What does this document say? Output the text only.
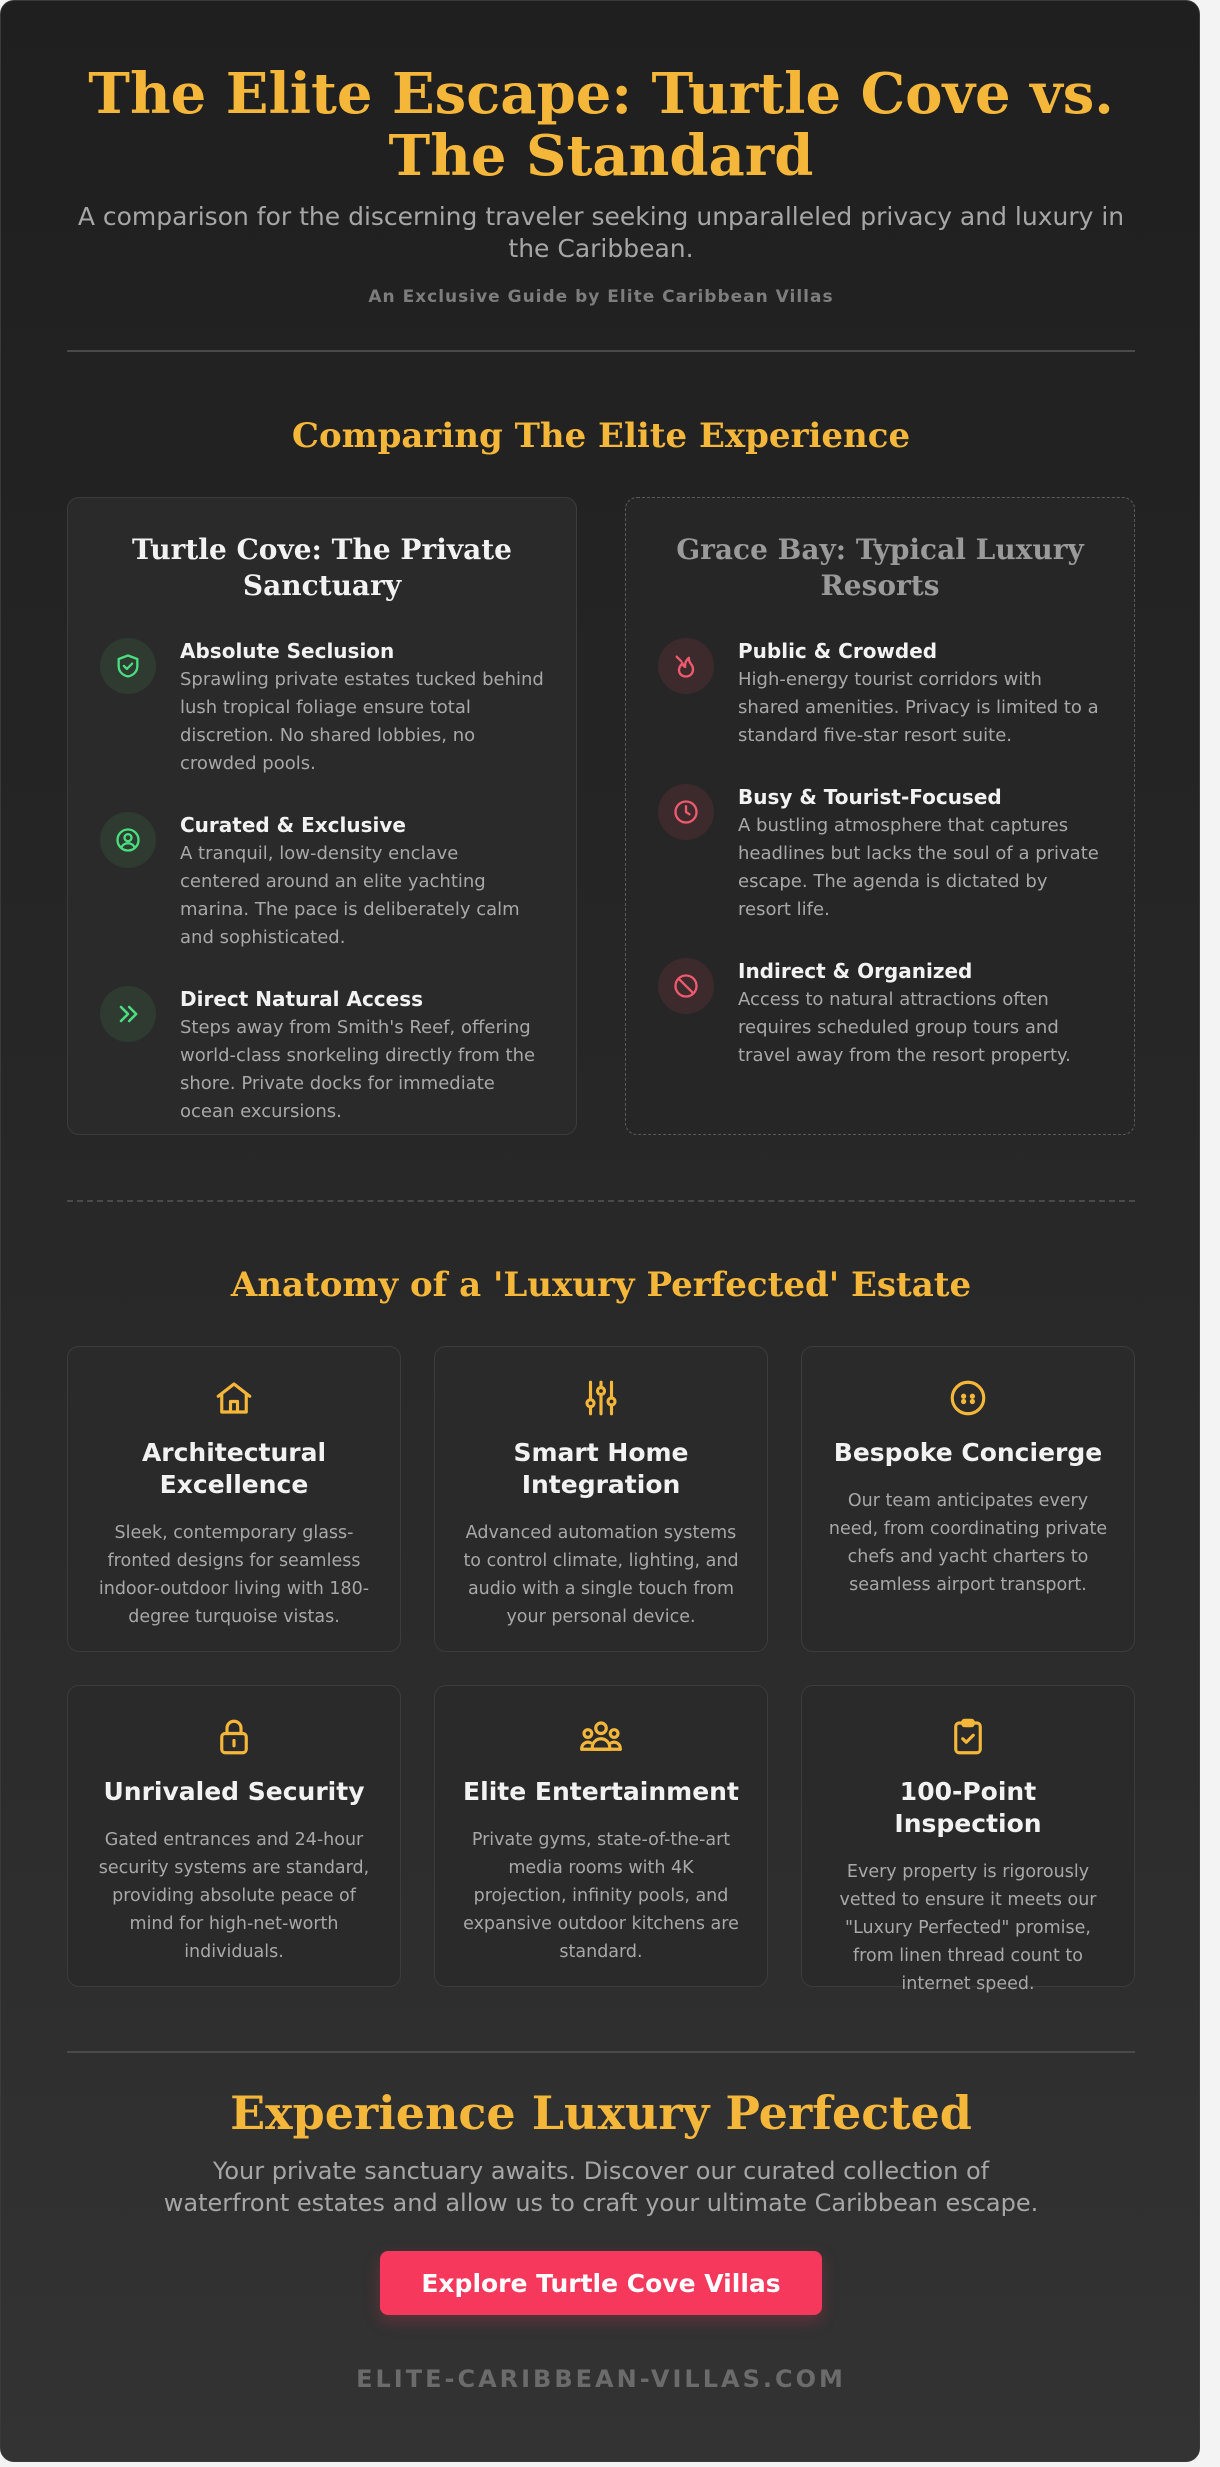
The Elite Escape: Turtle Cove vs. The Standard

A comparison for the discerning traveler seeking unparalleled privacy and luxury in the Caribbean.

An Exclusive Guide by Elite Caribbean Villas

Comparing The Elite Experience
Turtle Cove: The Private Sanctuary
Absolute Seclusion
Sprawling private estates tucked behind lush tropical foliage ensure total discretion. No shared lobbies, no crowded pools.
Curated & Exclusive
A tranquil, low-density enclave centered around an elite yachting marina. The pace is deliberately calm and sophisticated.
Direct Natural Access
Steps away from Smith's Reef, offering world-class snorkeling directly from the shore. Private docks for immediate ocean excursions.
Grace Bay: Typical Luxury Resorts
Public & Crowded
High-energy tourist corridors with shared amenities. Privacy is limited to a standard five-star resort suite.
Busy & Tourist-Focused
A bustling atmosphere that captures headlines but lacks the soul of a private escape. The agenda is dictated by resort life.
Indirect & Organized
Access to natural attractions often requires scheduled group tours and travel away from the resort property.
Anatomy of a 'Luxury Perfected' Estate
Architectural Excellence
Sleek, contemporary glass-fronted designs for seamless indoor-outdoor living with 180-degree turquoise vistas.
Smart Home Integration
Advanced automation systems to control climate, lighting, and audio with a single touch from your personal device.
Bespoke Concierge
Our team anticipates every need, from coordinating private chefs and yacht charters to seamless airport transport.
Unrivaled Security
Gated entrances and 24-hour security systems are standard, providing absolute peace of mind for high-net-worth individuals.
Elite Entertainment
Private gyms, state-of-the-art media rooms with 4K projection, infinity pools, and expansive outdoor kitchens are standard.
100-Point Inspection
Every property is rigorously vetted to ensure it meets our "Luxury Perfected" promise, from linen thread count to internet speed.
Experience Luxury Perfected

Your private sanctuary awaits. Discover our curated collection of waterfront estates and allow us to craft your ultimate Caribbean escape.

Explore Turtle Cove Villas
ELITE-CARIBBEAN-VILLAS.COM
